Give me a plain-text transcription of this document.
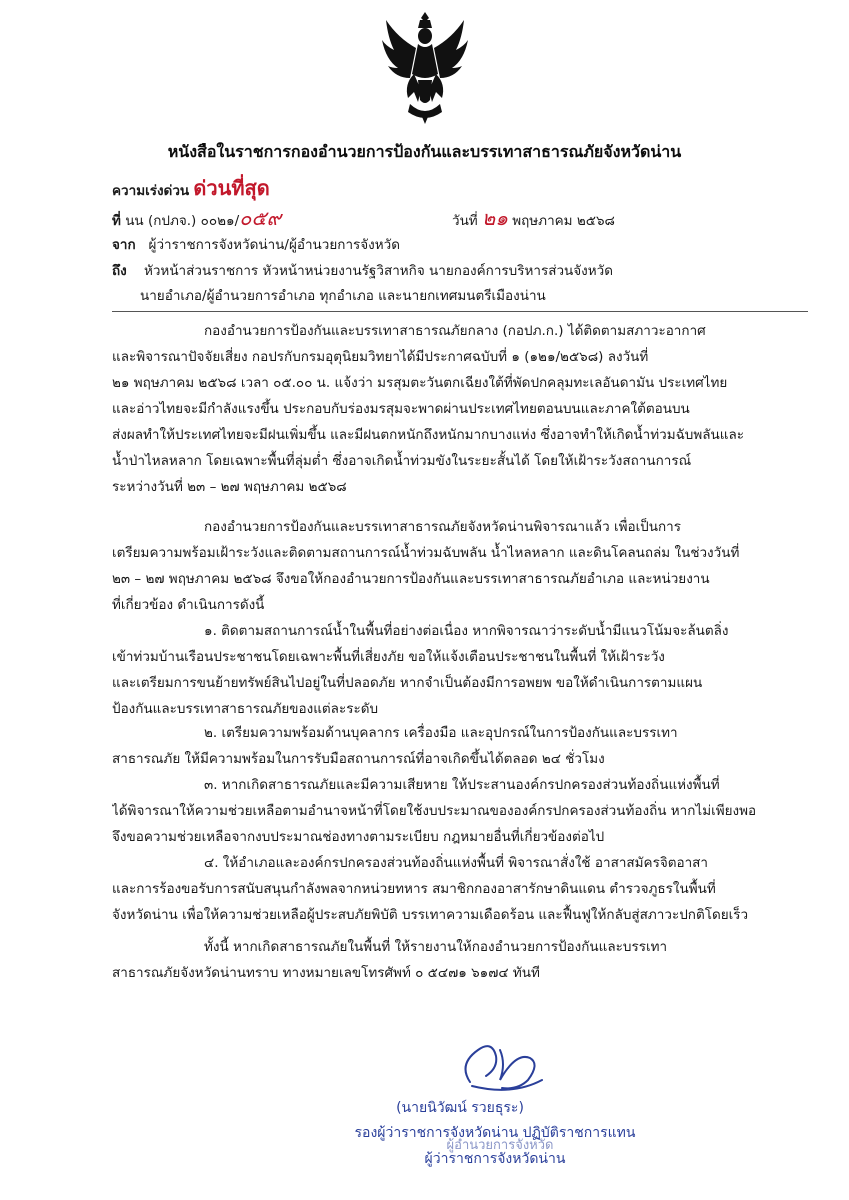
หนังสือในราชการกองอำนวยการป้องกันและบรรเทาสาธารณภัยจังหวัดน่าน
ความเร่งด่วน ด่วนที่สุด
ที่ นน (กปภจ.) ๐๐๒๑/๐๕๙	วันที่ ๒๑ พฤษภาคม ๒๕๖๘
จาก ผู้ว่าราชการจังหวัดน่าน/ผู้อำนวยการจังหวัด
ถึง หัวหน้าส่วนราชการ หัวหน้าหน่วยงานรัฐวิสาหกิจ นายกองค์การบริหารส่วนจังหวัด
นายอำเภอ/ผู้อำนวยการอำเภอ ทุกอำเภอ และนายกเทศมนตรีเมืองน่าน
กองอำนวยการป้องกันและบรรเทาสาธารณภัยกลาง (กอปภ.ก.) ได้ติดตามสภาวะอากาศ
และพิจารณาปัจจัยเสี่ยง กอปรกับกรมอุตุนิยมวิทยาได้มีประกาศฉบับที่ ๑ (๑๒๑/๒๕๖๘) ลงวันที่
๒๑ พฤษภาคม ๒๕๖๘ เวลา ๐๕.๐๐ น. แจ้งว่า มรสุมตะวันตกเฉียงใต้ที่พัดปกคลุมทะเลอันดามัน ประเทศไทย
และอ่าวไทยจะมีกำลังแรงขึ้น ประกอบกับร่องมรสุมจะพาดผ่านประเทศไทยตอนบนและภาคใต้ตอนบน
ส่งผลทำให้ประเทศไทยจะมีฝนเพิ่มขึ้น และมีฝนตกหนักถึงหนักมากบางแห่ง ซึ่งอาจทำให้เกิดน้ำท่วมฉับพลันและ
น้ำป่าไหลหลาก โดยเฉพาะพื้นที่ลุ่มต่ำ ซึ่งอาจเกิดน้ำท่วมขังในระยะสั้นได้ โดยให้เฝ้าระวังสถานการณ์
ระหว่างวันที่ ๒๓ – ๒๗ พฤษภาคม ๒๕๖๘
กองอำนวยการป้องกันและบรรเทาสาธารณภัยจังหวัดน่านพิจารณาแล้ว เพื่อเป็นการ
เตรียมความพร้อมเฝ้าระวังและติดตามสถานการณ์น้ำท่วมฉับพลัน น้ำไหลหลาก และดินโคลนถล่ม ในช่วงวันที่
๒๓ – ๒๗ พฤษภาคม ๒๕๖๘ จึงขอให้กองอำนวยการป้องกันและบรรเทาสาธารณภัยอำเภอ และหน่วยงาน
ที่เกี่ยวข้อง ดำเนินการดังนี้
๑. ติดตามสถานการณ์น้ำในพื้นที่อย่างต่อเนื่อง หากพิจารณาว่าระดับน้ำมีแนวโน้มจะล้นตลิ่ง
เข้าท่วมบ้านเรือนประชาชนโดยเฉพาะพื้นที่เสี่ยงภัย ขอให้แจ้งเตือนประชาชนในพื้นที่ ให้เฝ้าระวัง
และเตรียมการขนย้ายทรัพย์สินไปอยู่ในที่ปลอดภัย หากจำเป็นต้องมีการอพยพ ขอให้ดำเนินการตามแผน
ป้องกันและบรรเทาสาธารณภัยของแต่ละระดับ
๒. เตรียมความพร้อมด้านบุคลากร เครื่องมือ และอุปกรณ์ในการป้องกันและบรรเทา
สาธารณภัย ให้มีความพร้อมในการรับมือสถานการณ์ที่อาจเกิดขึ้นได้ตลอด ๒๔ ชั่วโมง
๓. หากเกิดสาธารณภัยและมีความเสียหาย ให้ประสานองค์กรปกครองส่วนท้องถิ่นแห่งพื้นที่
ได้พิจารณาให้ความช่วยเหลือตามอำนาจหน้าที่โดยใช้งบประมาณขององค์กรปกครองส่วนท้องถิ่น หากไม่เพียงพอ
จึงขอความช่วยเหลือจากงบประมาณช่องทางตามระเบียบ กฎหมายอื่นที่เกี่ยวข้องต่อไป
๔. ให้อำเภอและองค์กรปกครองส่วนท้องถิ่นแห่งพื้นที่ พิจารณาสั่งใช้ อาสาสมัครจิตอาสา
และการร้องขอรับการสนับสนุนกำลังพลจากหน่วยทหาร สมาชิกกองอาสารักษาดินแดน ตำรวจภูธรในพื้นที่
จังหวัดน่าน เพื่อให้ความช่วยเหลือผู้ประสบภัยพิบัติ บรรเทาความเดือดร้อน และฟื้นฟูให้กลับสู่สภาวะปกติโดยเร็ว
ทั้งนี้ หากเกิดสาธารณภัยในพื้นที่ ให้รายงานให้กองอำนวยการป้องกันและบรรเทา
สาธารณภัยจังหวัดน่านทราบ ทางหมายเลขโทรศัพท์ ๐ ๕๔๗๑ ๖๑๗๔ ทันที
ผู้อำนวยการจังหวัด
(นายนิวัฒน์ รวยธุระ)
รองผู้ว่าราชการจังหวัดน่าน ปฏิบัติราชการแทน
ผู้ว่าราชการจังหวัดน่าน
